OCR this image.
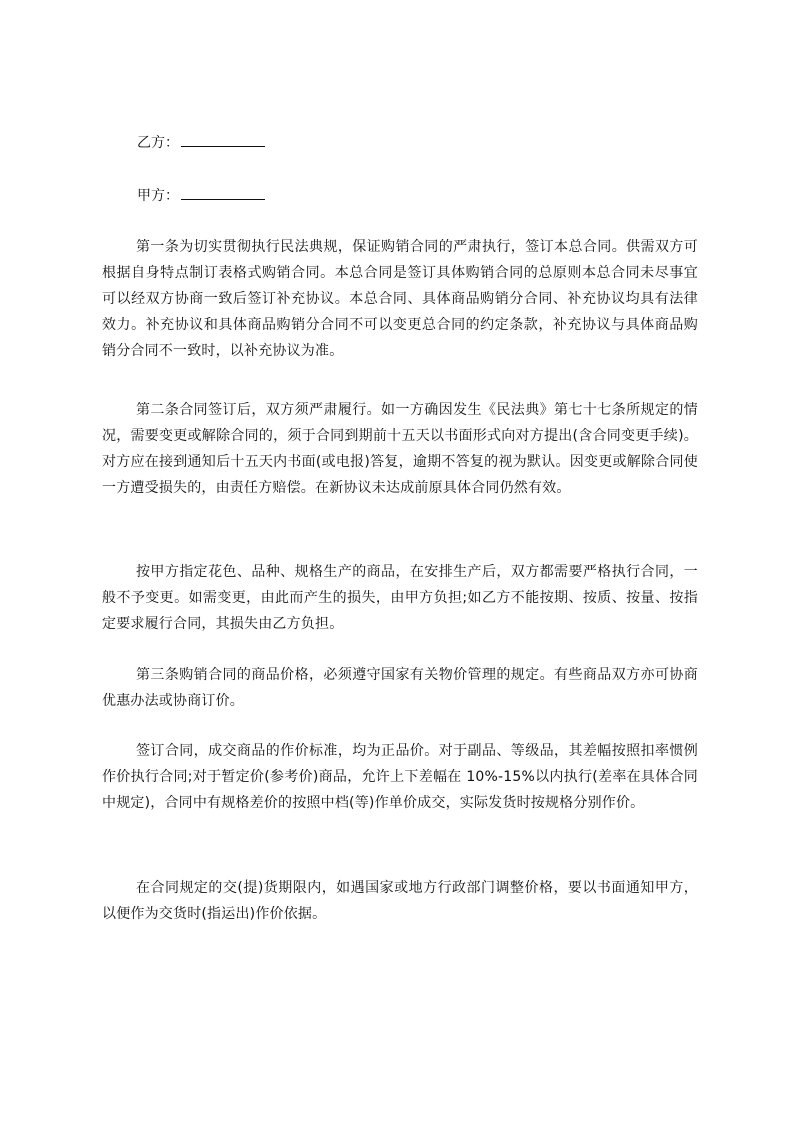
乙方：
甲方：

第一条为切实贯彻执行民法典规，保证购销合同的严肃执行，签订本总合同。供需双方可根据自身特点制订表格式购销合同。本总合同是签订具体购销合同的总原则本总合同未尽事宜可以经双方协商一致后签订补充协议。本总合同、具体商品购销分合同、补充协议均具有法律效力。补充协议和具体商品购销分合同不可以变更总合同的约定条款，补充协议与具体商品购销分合同不一致时，以补充协议为准。

第二条合同签订后，双方须严肃履行。如一方确因发生《民法典》第七十七条所规定的情况，需要变更或解除合同的，须于合同到期前十五天以书面形式向对方提出(含合同变更手续)。对方应在接到通知后十五天内书面(或电报)答复，逾期不答复的视为默认。因变更或解除合同使一方遭受损失的，由责任方赔偿。在新协议未达成前原具体合同仍然有效。

按甲方指定花色、品种、规格生产的商品，在安排生产后，双方都需要严格执行合同，一般不予变更。如需变更，由此而产生的损失，由甲方负担;如乙方不能按期、按质、按量、按指定要求履行合同，其损失由乙方负担。

第三条购销合同的商品价格，必须遵守国家有关物价管理的规定。有些商品双方亦可协商优惠办法或协商订价。

签订合同，成交商品的作价标准，均为正品价。对于副品、等级品，其差幅按照扣率惯例作价执行合同;对于暂定价(参考价)商品，允许上下差幅在 10%-15%以内执行(差率在具体合同中规定)，合同中有规格差价的按照中档(等)作单价成交，实际发货时按规格分别作价。

在合同规定的交(提)货期限内，如遇国家或地方行政部门调整价格，要以书面通知甲方，以便作为交货时(指运出)作价依据。
